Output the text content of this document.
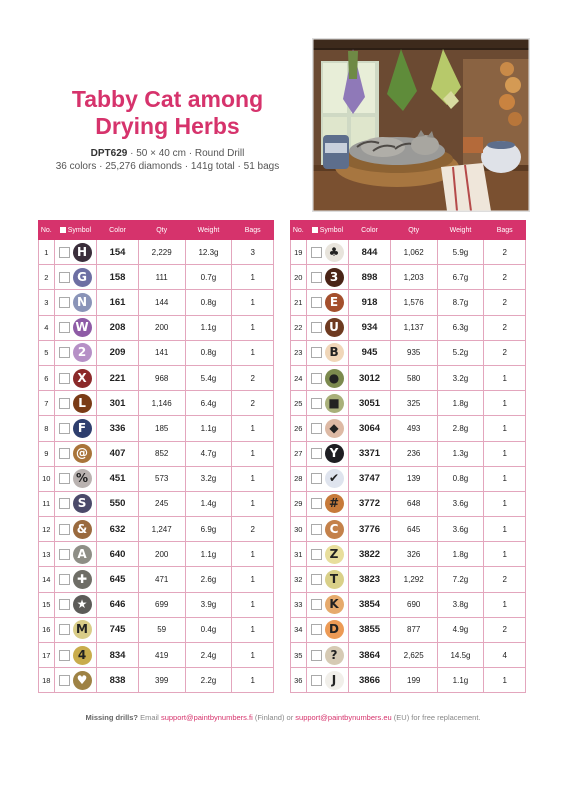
Tabby Cat among
Drying Herbs
DPT629 · 50 × 40 cm · Round Drill
36 colors · 25,276 diamonds · 141g total · 51 bags
No.	Symbol	Color	Qty	Weight	Bags
1	H	154	2,229	12.3g	3
2	G	158	111	0.7g	1
3	N	161	144	0.8g	1
4	W	208	200	1.1g	1
5	2	209	141	0.8g	1
6	X	221	968	5.4g	2
7	L	301	1,146	6.4g	2
8	F	336	185	1.1g	1
9	@	407	852	4.7g	1
10	%	451	573	3.2g	1
11	S	550	245	1.4g	1
12	&	632	1,247	6.9g	2
13	A	640	200	1.1g	1
14	✚	645	471	2.6g	1
15	★	646	699	3.9g	1
16	M	745	59	0.4g	1
17	4	834	419	2.4g	1
18	♥	838	399	2.2g	1
No.	Symbol	Color	Qty	Weight	Bags
19	♣	844	1,062	5.9g	2
20	3	898	1,203	6.7g	2
21	E	918	1,576	8.7g	2
22	U	934	1,137	6.3g	2
23	B	945	935	5.2g	2
24	●	3012	580	3.2g	1
25	■	3051	325	1.8g	1
26	◆	3064	493	2.8g	1
27	Y	3371	236	1.3g	1
28	✔	3747	139	0.8g	1
29	#	3772	648	3.6g	1
30	C	3776	645	3.6g	1
31	Z	3822	326	1.8g	1
32	T	3823	1,292	7.2g	2
33	K	3854	690	3.8g	1
34	D	3855	877	4.9g	2
35	?	3864	2,625	14.5g	4
36	J	3866	199	1.1g	1
Missing drills? Email support@paintbynumbers.fi (Finland) or support@paintbynumbers.eu (EU) for free replacement.
